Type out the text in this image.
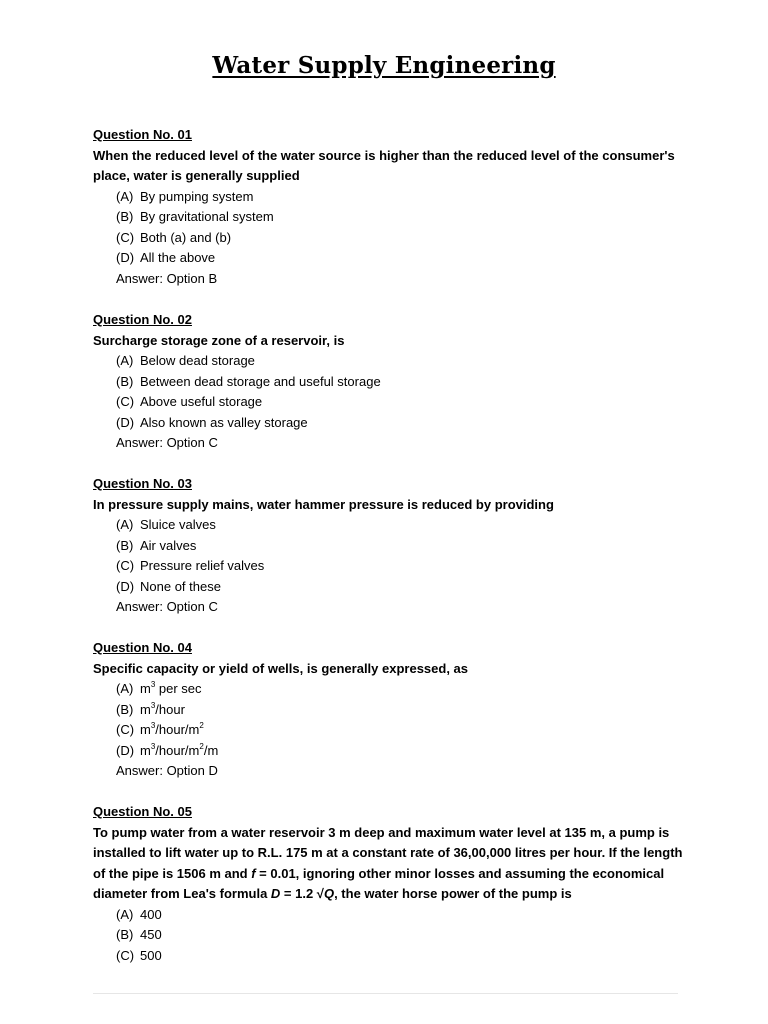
Water Supply Engineering
Question No. 01
When the reduced level of the water source is higher than the reduced level of the consumer's place, water is generally supplied
(A) By pumping system
(B) By gravitational system
(C) Both (a) and (b)
(D) All the above
Answer: Option B
Question No. 02
Surcharge storage zone of a reservoir, is
(A) Below dead storage
(B) Between dead storage and useful storage
(C) Above useful storage
(D) Also known as valley storage
Answer: Option C
Question No. 03
In pressure supply mains, water hammer pressure is reduced by providing
(A) Sluice valves
(B) Air valves
(C) Pressure relief valves
(D) None of these
Answer: Option C
Question No. 04
Specific capacity or yield of wells, is generally expressed, as
(A) $m^3$ per sec
(B) $m^3$/hour
(C) $m^3/hour/m^2$
(D) $m^3/hour/m^2/m$
Answer: Option D
Question No. 05
To pump water from a water reservoir 3 m deep and maximum water level at 135 m, a pump is
installed to lift water up to R.L. 175 m at a constant rate of 36,00,000 litres per hour. If the length
of the pipe is 1506 m and f = 0.01, ignoring other minor losses and assuming the economical
diameter from Lea's formula D = 1.2 √Q, the water horse power of the pump is
(A) 400
(B) 450
(C) 500
